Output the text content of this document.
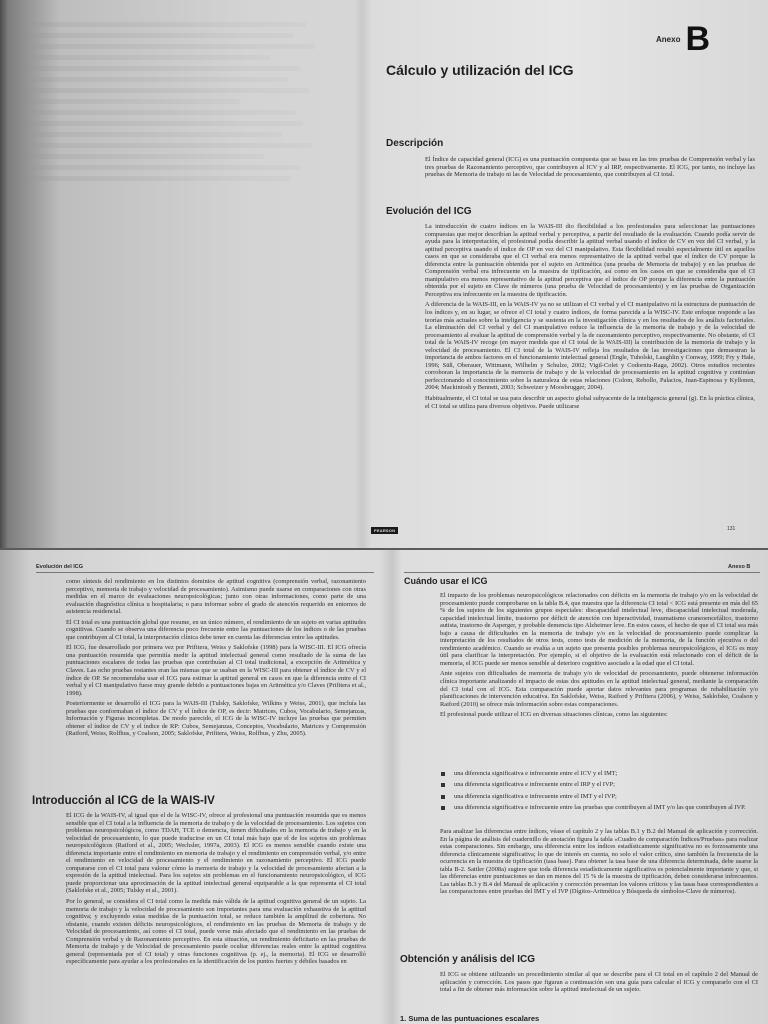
Anexo B
Cálculo y utilización del ICG
Descripción

El Índice de capacidad general (ICG) es una puntuación compuesta que se basa en las tres pruebas de Comprensión verbal y las tres pruebas de Razonamiento perceptivo, que contribuyen al ICV y al IRP, respectivamente. El ICG, por tanto, no incluye las pruebas de Memoria de trabajo ni las de Velocidad de procesamiento, que contribuyen al CI total.

Evolución del ICG

La introducción de cuatro índices en la WAIS-III dio flexibilidad a los profesionales para seleccionar las puntuaciones compuestas que mejor describían la aptitud verbal y perceptiva, a partir del resultado de la evaluación. Cuando podía servir de ayuda para la interpretación, el profesional podía describir la aptitud verbal usando el índice de CV en vez del CI verbal, y la aptitud perceptiva usando el índice de OP en vez del CI manipulativo. Esta flexibilidad resultó especialmente útil en aquellos casos en que se consideraba que el CI verbal era menos representativo de la aptitud verbal que el índice de CV porque la diferencia entre la puntuación obtenida por el sujeto en Aritmética (una prueba de Memoria de trabajo) y en las pruebas de Comprensión verbal era infrecuente en la muestra de tipificación, así como en los casos en que se consideraba que el CI manipulativo era menos representativo de la aptitud perceptiva que el índice de OP porque la diferencia entre la puntuación obtenida por el sujeto en Clave de números (una prueba de Velocidad de procesamiento) y en las pruebas de Organización Perceptiva era infrecuente en la muestra de tipificación.

A diferencia de la WAIS-III, en la WAIS-IV ya no se utilizan el CI verbal y el CI manipulativo ni la estructura de puntuación de los índices y, en su lugar, se ofrece el CI total y cuatro índices, de forma parecida a la WISC-IV. Este enfoque responde a las teorías más actuales sobre la inteligencia y se sustenta en la investigación clínica y en los resultados de los análisis factoriales. La eliminación del CI verbal y del CI manipulativo reduce la influencia de la memoria de trabajo y de la velocidad de procesamiento al evaluar la aptitud de comprensión verbal y la de razonamiento perceptivo, respectivamente. No obstante, el CI total de la WAIS-IV recoge (en mayor medida que el CI total de la WAIS-III) la contribución de la memoria de trabajo y la velocidad de procesamiento. El CI total de la WAIS-IV refleja los resultados de las investigaciones que demuestran la importancia de ambos factores en el funcionamiento intelectual general (Engle, Tuholski, Laughlin y Conway, 1999; Fry y Hale, 1996; Süß, Oberauer, Wittmann, Wilhelm y Schulze, 2002; Vigil-Colet y Codorniu-Raga, 2002). Otros estudios recientes corroboran la importancia de la memoria de trabajo y de la velocidad de procesamiento en la aptitud cognitiva y continúan perfeccionando el conocimiento sobre la naturaleza de estas relaciones (Colom, Rebollo, Palacios, Juan-Espinosa y Kyllonen, 2004; Mackintosh y Bennett, 2003; Schweizer y Moosbrugger, 2004).

Habitualmente, el CI total se usa para describir un aspecto global subyacente de la inteligencia general (g). En la práctica clínica, el CI total se utiliza para diversos objetivos. Puede utilizarse

PEARSON	131
Evolución del ICG

como síntesis del rendimiento en los distintos dominios de aptitud cognitiva (comprensión verbal, razonamiento perceptivo, memoria de trabajo y velocidad de procesamiento). Asimismo puede usarse en comparaciones con otras medidas en el marco de evaluaciones neuropsicológicas; junto con otras informaciones, como parte de una evaluación diagnóstica clínica u hospitalaria; o para informar sobre el grado de atención requerido en entornos de asistencia residencial.

El CI total es una puntuación global que resume, en un único número, el rendimiento de un sujeto en varias aptitudes cognitivas. Cuando se observa una diferencia poco frecuente entre las puntuaciones de los índices o de las pruebas que contribuyen al CI total, la interpretación clínica debe tener en cuenta las diferencias entre las aptitudes.

El ICG, fue desarrollado por primera vez por Prifitera, Weiss y Saklofske (1998) para la WISC-III. El ICG ofrecía una puntuación resumida que permitía medir la aptitud intelectual general como resultado de la suma de las puntuaciones escalares de todas las pruebas que contribuían al CI total tradicional, a excepción de Aritmética y Claves. Las ocho pruebas restantes eran las mismas que se usaban en la WISC-III para obtener el índice de CV y el índice de OP. Se recomendaba usar el ICG para estimar la aptitud general en casos en que la diferencia entre el CI verbal y el CI manipulativo fuese muy grande debido a puntuaciones bajas en Aritmética y/o Claves (Prifitera et al., 1998).

Posteriormente se desarrolló el ICG para la WAIS-III (Tulsky, Saklofske, Wilkins y Weiss, 2001), que incluía las pruebas que conformaban el índice de CV y el índice de OP, es decir: Matrices, Cubos, Vocabulario, Semejanzas, Información y Figuras incompletas. De modo parecido, el ICG de la WISC-IV incluye las pruebas que permiten obtener el índice de CV y el índice de RP: Cubos, Semejanzas, Conceptos, Vocabulario, Matrices y Comprensión (Raiford, Weiss, Rolfhus, y Coalson, 2005; Saklofske, Prifitera, Weiss, Rolfhus, y Zhu, 2005).

Introducción al ICG de la WAIS-IV

El ICG de la WAIS-IV, al igual que el de la WISC-IV, ofrece al profesional una puntuación resumida que es menos sensible que el CI total a la influencia de la memoria de trabajo y de la velocidad de procesamiento. Los sujetos con problemas neuropsicológicos, como TDAH, TCE o demencia, tienen dificultades en la memoria de trabajo y en la velocidad de procesamiento, lo que puede traducirse en un CI total más bajo que el de los sujetos sin problemas neuropsicológicos (Raiford et al., 2005; Wechsler, 1997a, 2003). El ICG es menos sensible cuando existe una diferencia importante entre el rendimiento en memoria de trabajo y el rendimiento en comprensión verbal, y/o entre el rendimiento en velocidad de procesamiento y el rendimiento en razonamiento perceptivo. El ICG puede compararse con el CI total para valorar cómo la memoria de trabajo y la velocidad de procesamiento afectan a la expresión de la aptitud intelectual. Para los sujetos sin problemas en el funcionamiento neuropsicológico, el ICG puede proporcionar una aproximación de la aptitud intelectual general equiparable a la que representa el CI total (Saklofske et al., 2005; Tulsky et al., 2001).

Por lo general, se considera el CI total como la medida más válida de la aptitud cognitiva general de un sujeto. La memoria de trabajo y la velocidad de procesamiento son importantes para una evaluación exhaustiva de la aptitud cognitiva; y excluyendo estas medidas de la puntuación total, se reduce también la amplitud de cobertura. No obstante, cuando existen déficits neuropsicológicos, el rendimiento en las pruebas de Memoria de trabajo y de Velocidad de procesamiento, así como el CI total, puede verse más afectado que el rendimiento en las pruebas de Comprensión verbal y de Razonamiento perceptivo. En esta situación, un rendimiento deficitario en las pruebas de Memoria de trabajo y de Velocidad de procesamiento puede ocultar diferencias reales entre la aptitud cognitiva general (representada por el CI total) y otras funciones cognitivas (p. ej., la memoria). El ICG se desarrolló específicamente para ayudar a los profesionales en la identificación de los puntos fuertes y débiles basados en

Anexo B
Cuándo usar el ICG

El impacto de los problemas neuropsicológicos relacionados con déficits en la memoria de trabajo y/o en la velocidad de procesamiento puede comprobarse en la tabla B.4, que muestra que la diferencia CI total < ICG está presente en más del 65 % de los sujetos de los siguientes grupos especiales: discapacidad intelectual leve, discapacidad intelectual moderada, capacidad intelectual límite, trastorno por déficit de atención con hiperactividad, traumatismo craneoencefálico, trastorno autista, trastorno de Asperger, y probable demencia tipo Alzheimer leve. En estos casos, el hecho de que el CI total sea más bajo a causa de dificultades en la memoria de trabajo y/o en la velocidad de procesamiento puede complicar la interpretación de los resultados de otros tests, como tests de medición de la memoria, de la función ejecutiva o del rendimiento académico. Cuando se evalúa a un sujeto que presenta posibles problemas neuropsicológicos, el ICG es muy útil para clarificar la interpretación. Por ejemplo, si el objetivo de la evaluación está relacionado con el déficit de la memoria, el ICG puede ser menos sensible al deterioro cognitivo asociado a la edad que el CI total.

Ante sujetos con dificultades de memoria de trabajo y/o de velocidad de procesamiento, puede obtenerse información clínica importante analizando el impacto de estas dos aptitudes en la aptitud intelectual general, mediante la comparación del CI total con el ICG. Esta comparación puede aportar datos relevantes para programas de rehabilitación y/o planificaciones de intervención educativa. En Saklofske, Weiss, Raiford y Prifitera (2006), y Weiss, Saklofske, Coalson y Raiford (2010) se ofrece más información sobre estas comparaciones.

El profesional puede utilizar el ICG en diversas situaciones clínicas, como las siguientes:

una diferencia significativa e infrecuente entre el ICV y el IMT;
una diferencia significativa e infrecuente entre el IRP y el IVP;
una diferencia significativa e infrecuente entre el IMT y el IVP;
una diferencia significativa e infrecuente entre las pruebas que contribuyen al IMT y/o las que contribuyen al IVP.

Para analizar las diferencias entre índices, véase el capítulo 2 y las tablas B.1 y B.2 del Manual de aplicación y corrección. En la página de análisis del cuadernillo de anotación figura la tabla «Cuadro de comparación Índices/Pruebas» para realizar estas comparaciones. Sin embargo, una diferencia entre los índices estadísticamente significativa no es forzosamente una diferencia clínicamente significativa; lo que de interés en cuenta, no solo el valor crítico, sino también la frecuencia de la ocurrencia en la muestra de tipificación (tasa base). Para obtener la tasa base de una diferencia determinada, debe usarse la tabla B-2. Sattler (2008a) sugiere que toda diferencia estadísticamente significativa es potencialmente importante y que, si las diferencias entre puntuaciones se dan en menos del 15 % de la muestra de tipificación, deben considerarse infrecuentes. Las tablas B.3 y B.4 del Manual de aplicación y corrección presentan los valores críticos y las tasas base correspondientes a las comparaciones entre pruebas del IMT y el IVP (Dígitos-Aritmética y Búsqueda de símbolos-Clave de números).

Obtención y análisis del ICG

El ICG se obtiene utilizando un procedimiento similar al que se describe para el CI total en el capítulo 2 del Manual de aplicación y corrección. Los pasos que figuran a continuación son una guía para calcular el ICG y compararlo con el CI total a fin de obtener más información sobre la aptitud intelectual de un sujeto.

1. Suma de las puntuaciones escalares
